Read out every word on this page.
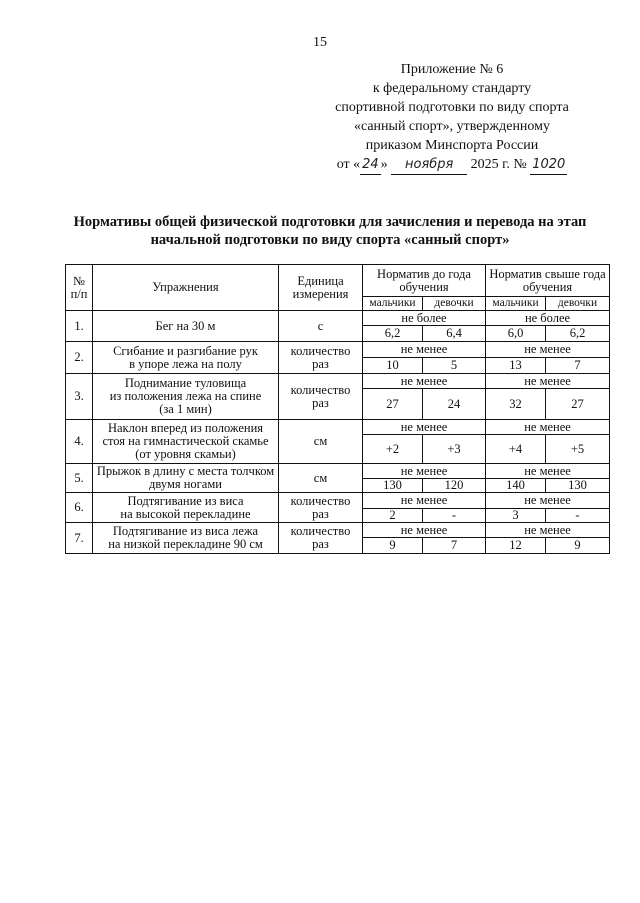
15
Приложение № 6
к федеральному стандарту
спортивной подготовки по виду спорта
«санный спорт», утвержденному
приказом Минспорта России
от « 24 » ноября 2025 г. № 1020
Нормативы общей физической подготовки для зачисления и перевода на этап
начальной подготовки по виду спорта «санный спорт»
№ п/п	Упражнения	Единица измерения	Норматив до года обучения		Норматив свыше года обучения	
			мальчики	девочки	мальчики	девочки
1.	Бег на 30 м	с	не более		не более	
			6,2	6,4	6,0	6,2
2.	Сгибание и разгибание рук
в упоре лежа на полу	количество раз	не менее		не менее	
			10	5	13	7
3.	Поднимание туловища
из положения лежа на спине
(за 1 мин)	количество раз	не менее		не менее	
			27	24	32	27
4.	Наклон вперед из положения
стоя на гимнастической скамье
(от уровня скамьи)	см	не менее		не менее	
			+2	+3	+4	+5
5.	Прыжок в длину с места толчком
двумя ногами	см	не менее		не менее	
			130	120	140	130
6.	Подтягивание из виса
на высокой перекладине	количество раз	не менее		не менее	
			2	-	3	-
7.	Подтягивание из виса лежа
на низкой перекладине 90 см	количество раз	не менее		не менее	
			9	7	12	9
